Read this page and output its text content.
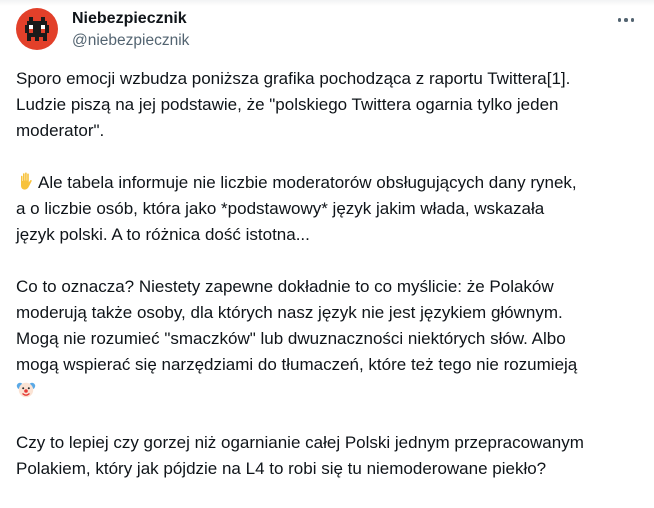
Niebezpiecznik
@niebezpiecznik

Sporo emocji wzbudza poniższa grafika pochodząca z raportu Twittera[1].
Ludzie piszą na jej podstawie, że "polskiego Twittera ogarnia tylko jeden
moderator".

Ale tabela informuje nie liczbie moderatorów obsługujących dany rynek,
a o liczbie osób, która jako *podstawowy* język jakim włada, wskazała
język polski. A to różnica dość istotna...

Co to oznacza? Niestety zapewne dokładnie to co myślicie: że Polaków
moderują także osoby, dla których nasz język nie jest językiem głównym.
Mogą nie rozumieć "smaczków" lub dwuznaczności niektórych słów. Albo
mogą wspierać się narzędziami do tłumaczeń, które też tego nie rozumieją

Czy to lepiej czy gorzej niż ogarnianie całej Polski jednym przepracowanym
Polakiem, który jak pójdzie na L4 to robi się tu niemoderowane piekło?
